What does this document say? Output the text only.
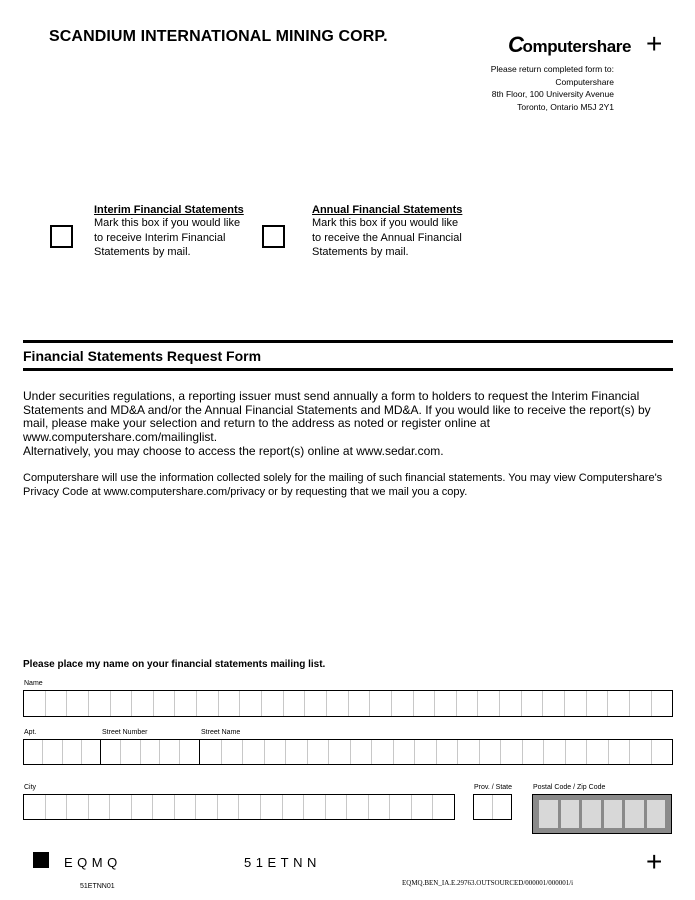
SCANDIUM INTERNATIONAL MINING CORP.	Computershare +
Please return completed form to:
Computershare
8th Floor, 100 University Avenue
Toronto, Ontario M5J 2Y1
Interim Financial Statements
Mark this box if you would like to receive Interim Financial Statements by mail.
Annual Financial Statements
Mark this box if you would like to receive the Annual Financial Statements by mail.
Financial Statements Request Form
Under securities regulations, a reporting issuer must send annually a form to holders to request the Interim Financial Statements and MD&A and/or the Annual Financial Statements and MD&A. If you would like to receive the report(s) by mail, please make your selection and return to the address as noted or register online at www.computershare.com/mailinglist.
Alternatively, you may choose to access the report(s) online at www.sedar.com.
Computershare will use the information collected solely for the mailing of such financial statements. You may view Computershare's Privacy Code at www.computershare.com/privacy or by requesting that we mail you a copy.
Please place my name on your financial statements mailing list.
Name
Apt.	Street Number	Street Name
City	Prov. / State	Postal Code / Zip Code
EQMQ	51ETNN	+
51ETNN01	EQMQ.BEN_IA.E.29763.OUTSOURCED/000001/000001/i
